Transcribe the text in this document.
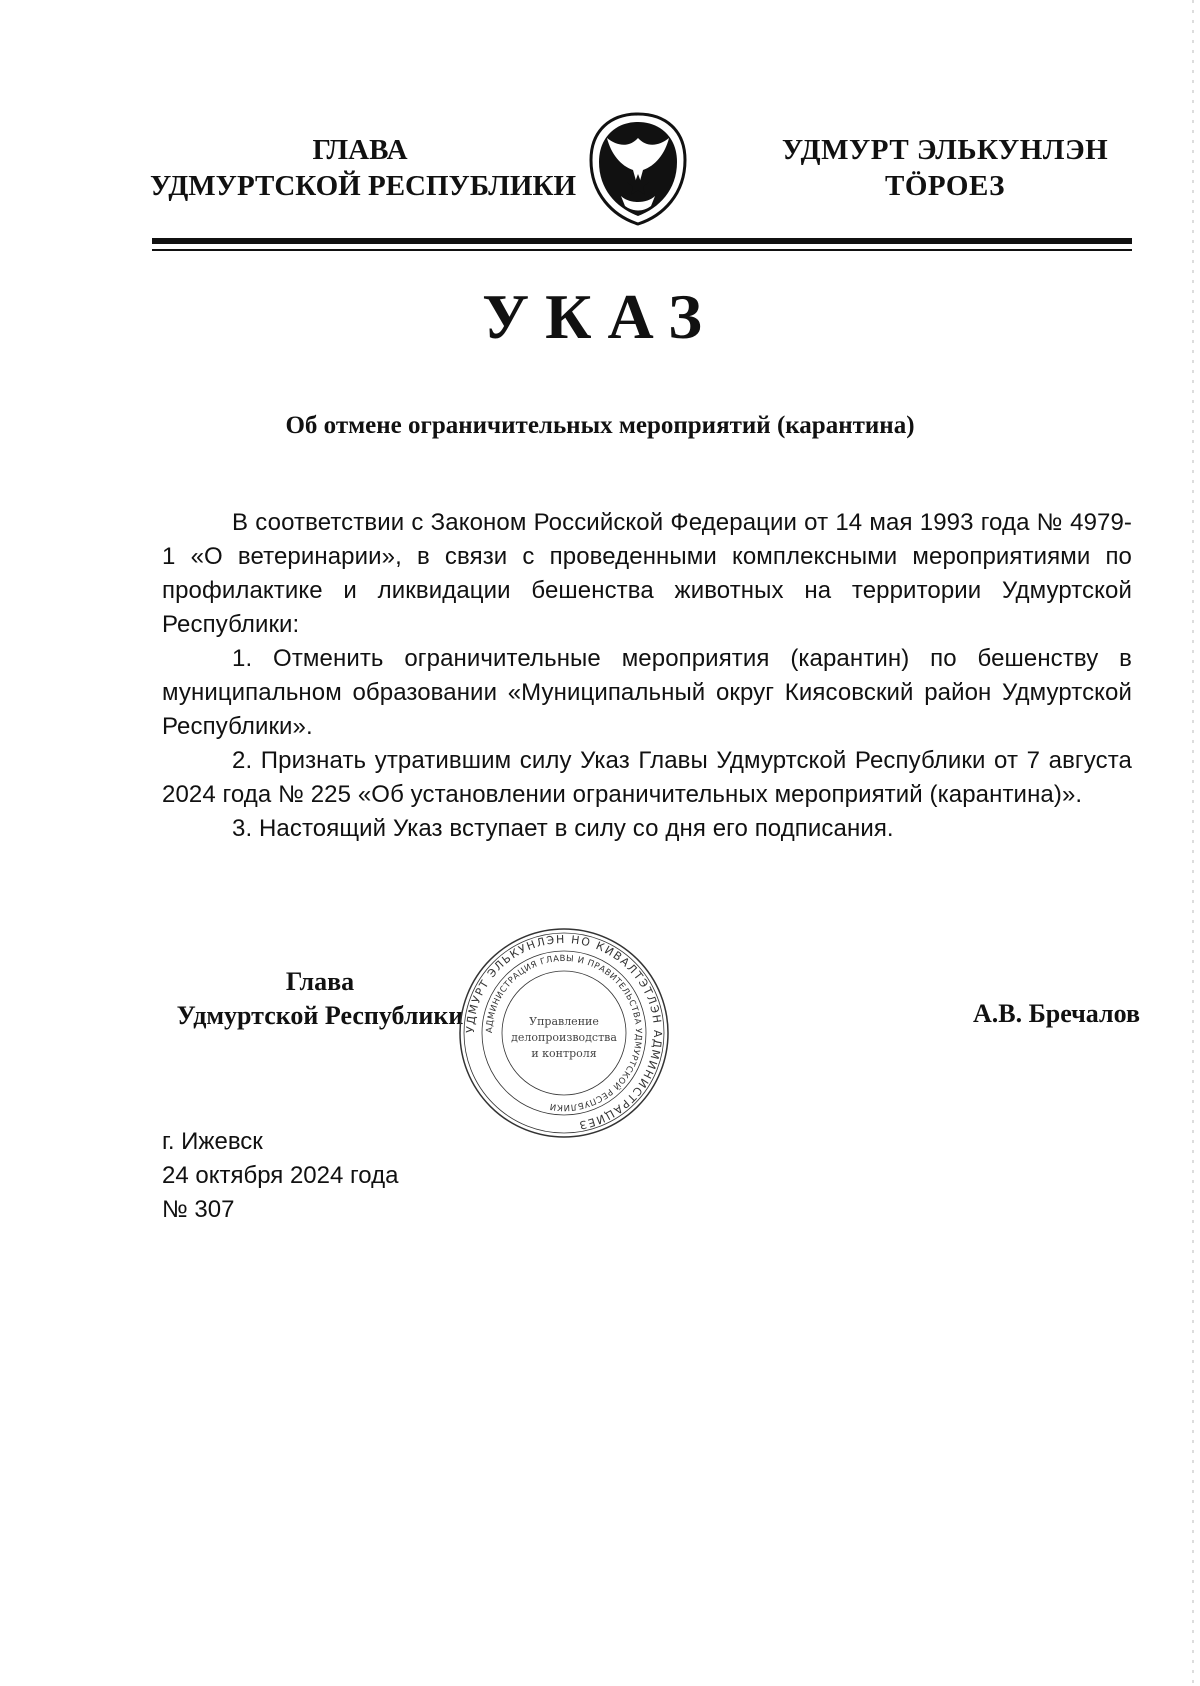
ГЛАВА
УДМУРТСКОЙ РЕСПУБЛИКИ
УДМУРТ ЭЛЬКУНЛЭН
ТӦРОЕЗ
УКАЗ
Об отмене ограничительных мероприятий (карантина)

В соответствии с Законом Российской Федерации от 14 мая 1993 года № 4979-1 «О ветеринарии», в связи с проведенными комплексными мероприятиями по профилактике и ликвидации бешенства животных на территории Удмуртской Республики:

1. Отменить ограничительные мероприятия (карантин) по бешенству в муниципальном образовании «Муниципальный округ Киясовский район Удмуртской Республики».

2. Признать утратившим силу Указ Главы Удмуртской Республики от 7 августа 2024 года № 225 «Об установлении ограничительных мероприятий (карантина)».

3. Настоящий Указ вступает в силу со дня его подписания.

Глава
Удмуртской Республики УДМУРТ ЭЛЬКУНЛЭН НО КИВАЛТЭТЛЭН АДМИНИСТРАЦИЕЗ
АДМИНИСТРАЦИЯ ГЛАВЫ И ПРАВИТЕЛЬСТВА УДМУРТСКОЙ РЕСПУБЛИКИ
Управление
делопроизводства
и контроля
А.В. Бречалов
г. Ижевск
24 октября 2024 года
№ 307
